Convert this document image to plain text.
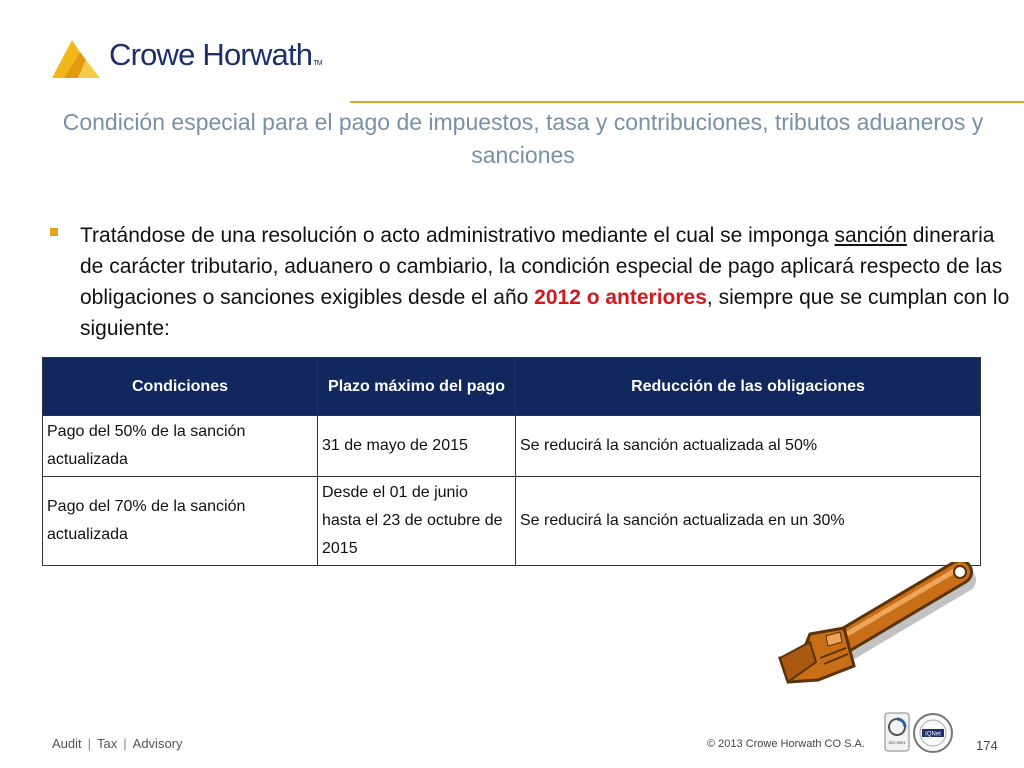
Crowe HorwathTM
Condición especial para el pago de impuestos, tasa y contribuciones, tributos aduaneros y sanciones
Tratándose de una resolución o acto administrativo mediante el cual se imponga sanción dineraria de carácter tributario, aduanero o cambiario, la condición especial de pago aplicará respecto de las obligaciones o sanciones exigibles desde el año 2012 o anteriores, siempre que se cumplan con lo siguiente:
Condiciones	Plazo máximo del pago	Reducción de las obligaciones
Pago del 50% de la sanción actualizada	31 de mayo de 2015	Se reducirá la sanción actualizada al 50%
Pago del 70% de la sanción actualizada	Desde el 01 de junio hasta el 23 de octubre de 2015	Se reducirá la sanción actualizada en un 30%
Audit | Tax | Advisory	© 2013 Crowe Horwath CO S.A.	ISO 9001
IQNet
174
